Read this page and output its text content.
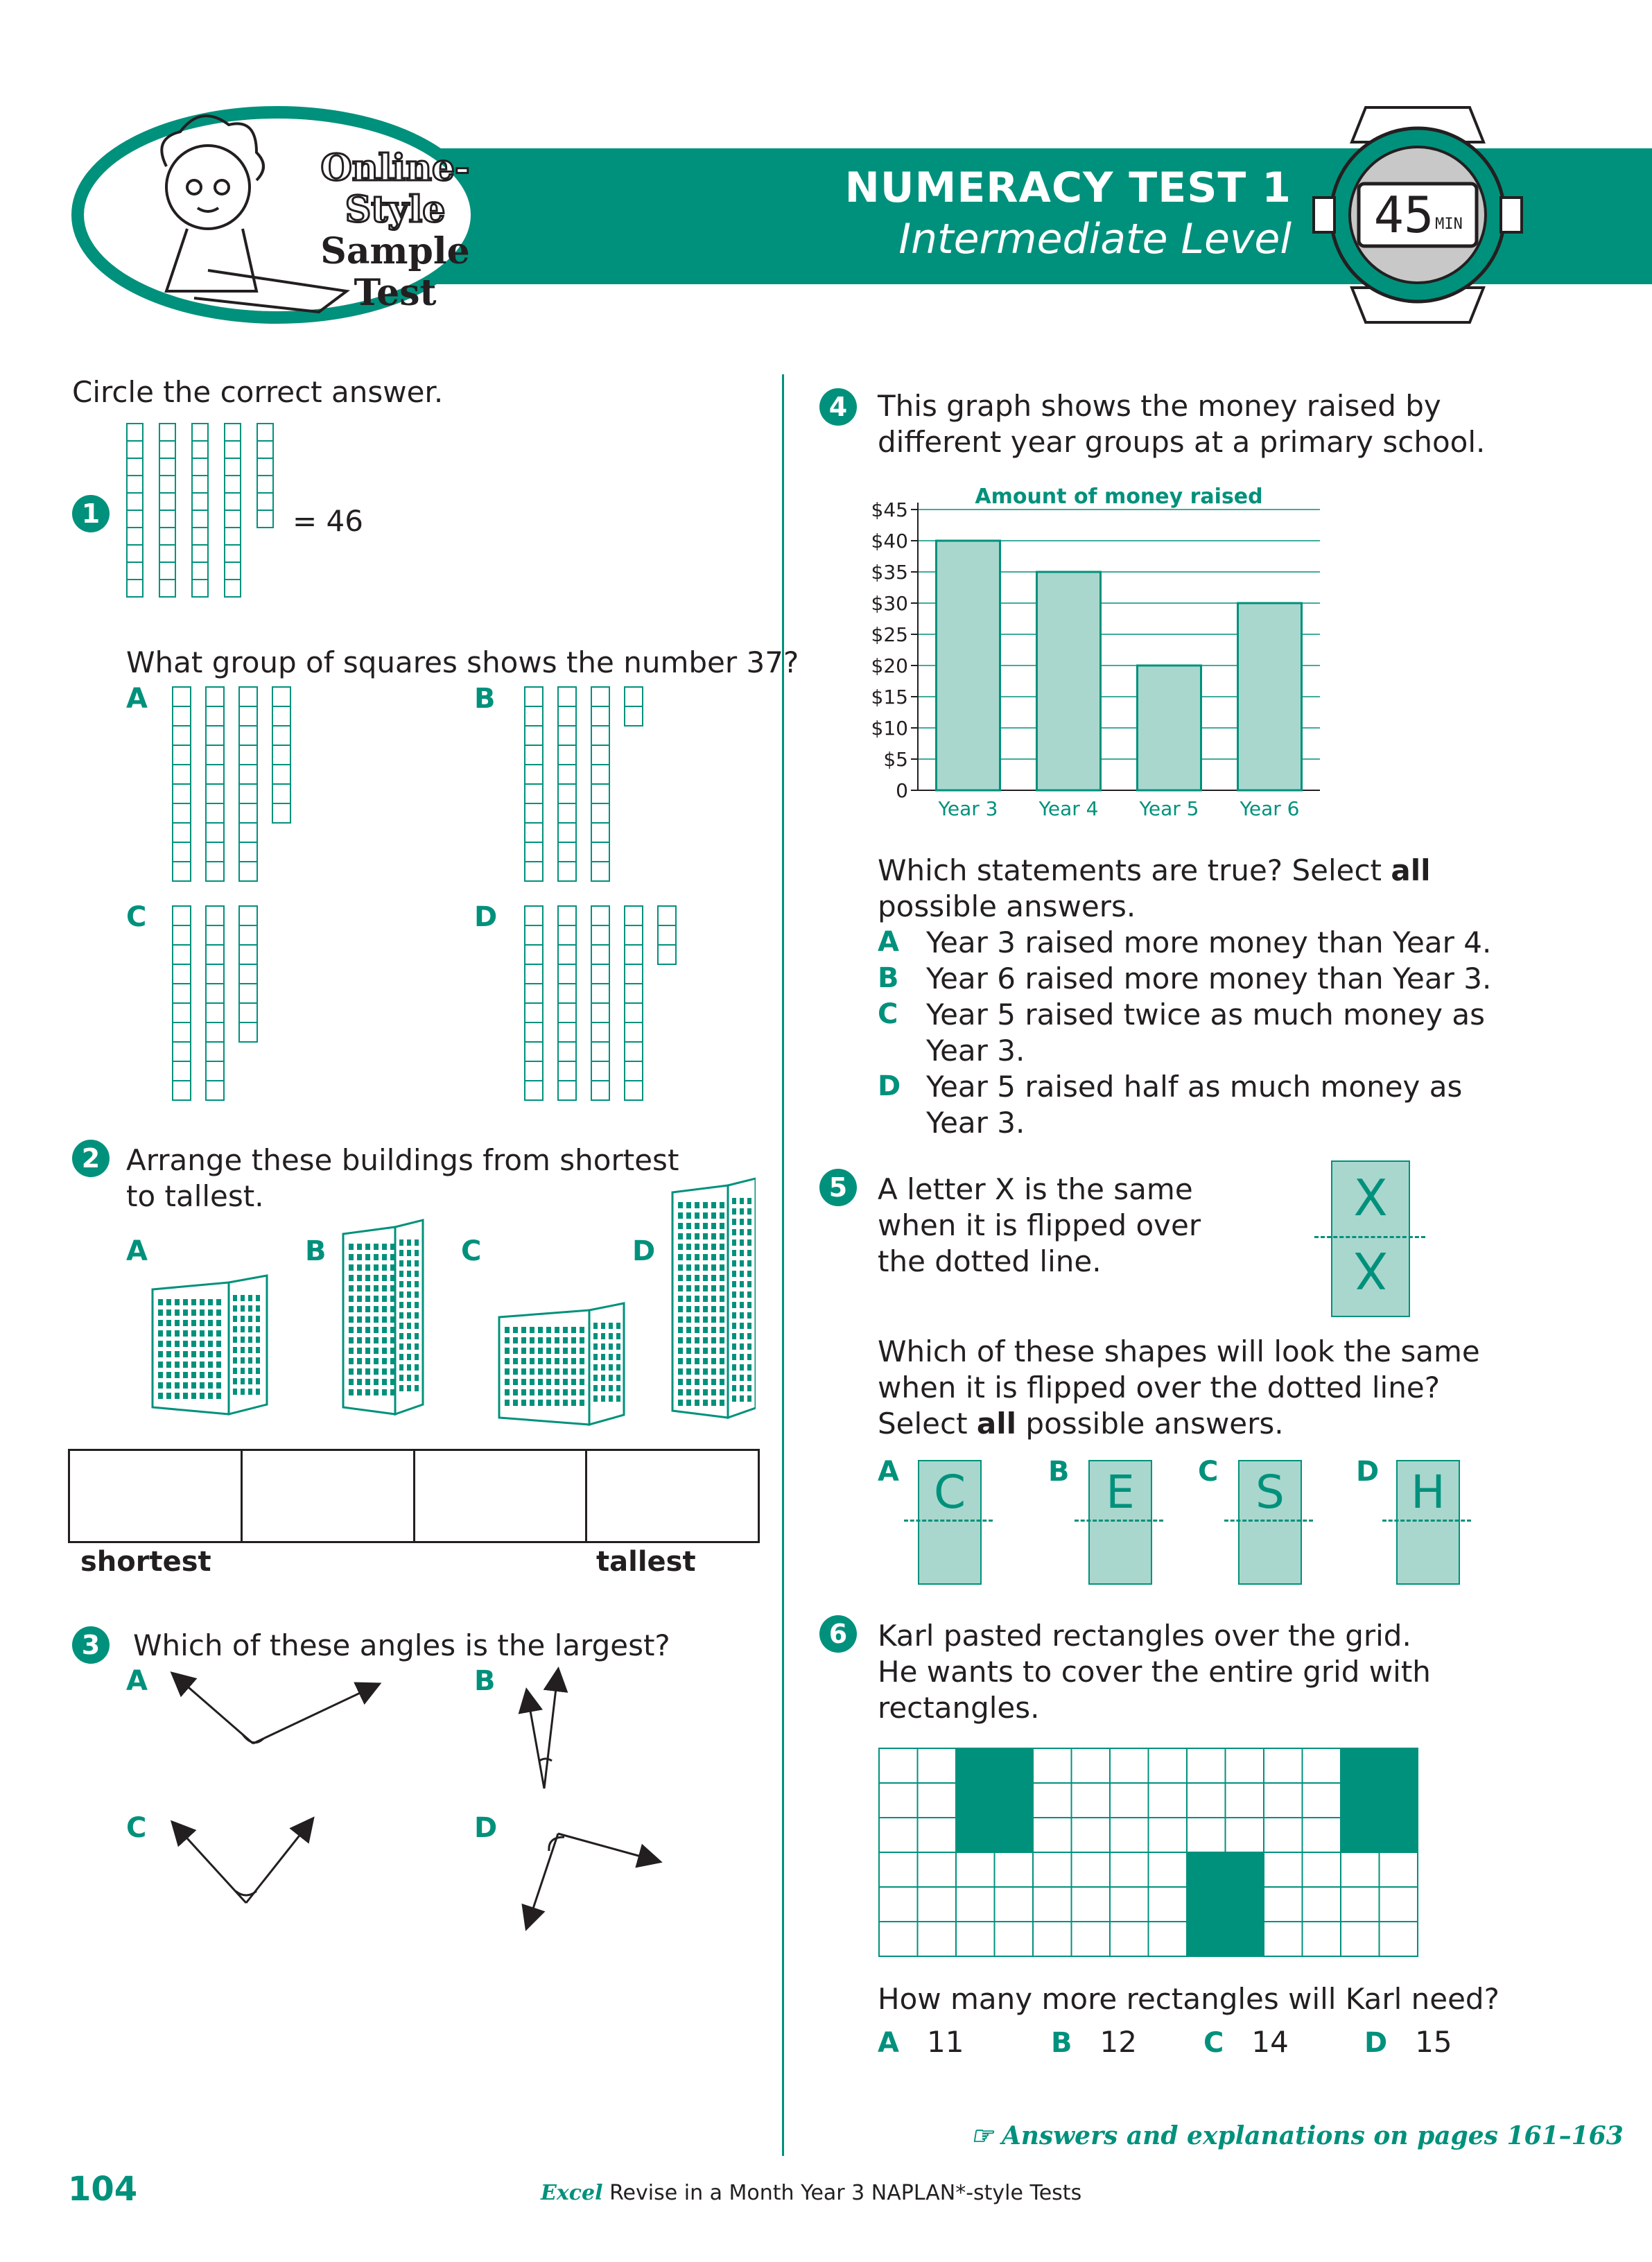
Online-
Style
Sample
Test
NUMERACY TEST 1
Intermediate Level 45 MIN
Circle the correct answer.
1	= 46
What group of squares shows the number 37?
A	B
C	D
2 Arrange these buildings from shortest
to tallest.
A	B	C	D
shortest	tallest
3	Which of these angles is the largest?
A	B
C	D
4	This graph shows the money raised by
different year groups at a primary school.
Amount of money raised
0
$5
$10
$15
$20
$25
$30
$35
$40
$45
Year 3 Year 4 Year 5 Year 6
Which statements are true? Select all
possible answers.
A Year 3 raised more money than Year 4.
B Year 6 raised more money than Year 3.
C Year 5 raised twice as much money as
Year 3.
D Year 5 raised half as much money as
Year 3.
5	A letter X is the same
when it is flipped over
the dotted line.
X
X
Which of these shapes will look the same
when it is flipped over the dotted line?
Select all possible answers.
A C	B E	C S	D H
6	Karl pasted rectangles over the grid.
He wants to cover the entire grid with
rectangles.
How many more rectangles will Karl need?
A 11	B 12 C 14	D 15
☞ Answers and explanations on pages 161–163
104	Excel Revise in a Month Year 3 NAPLAN*-style Tests
